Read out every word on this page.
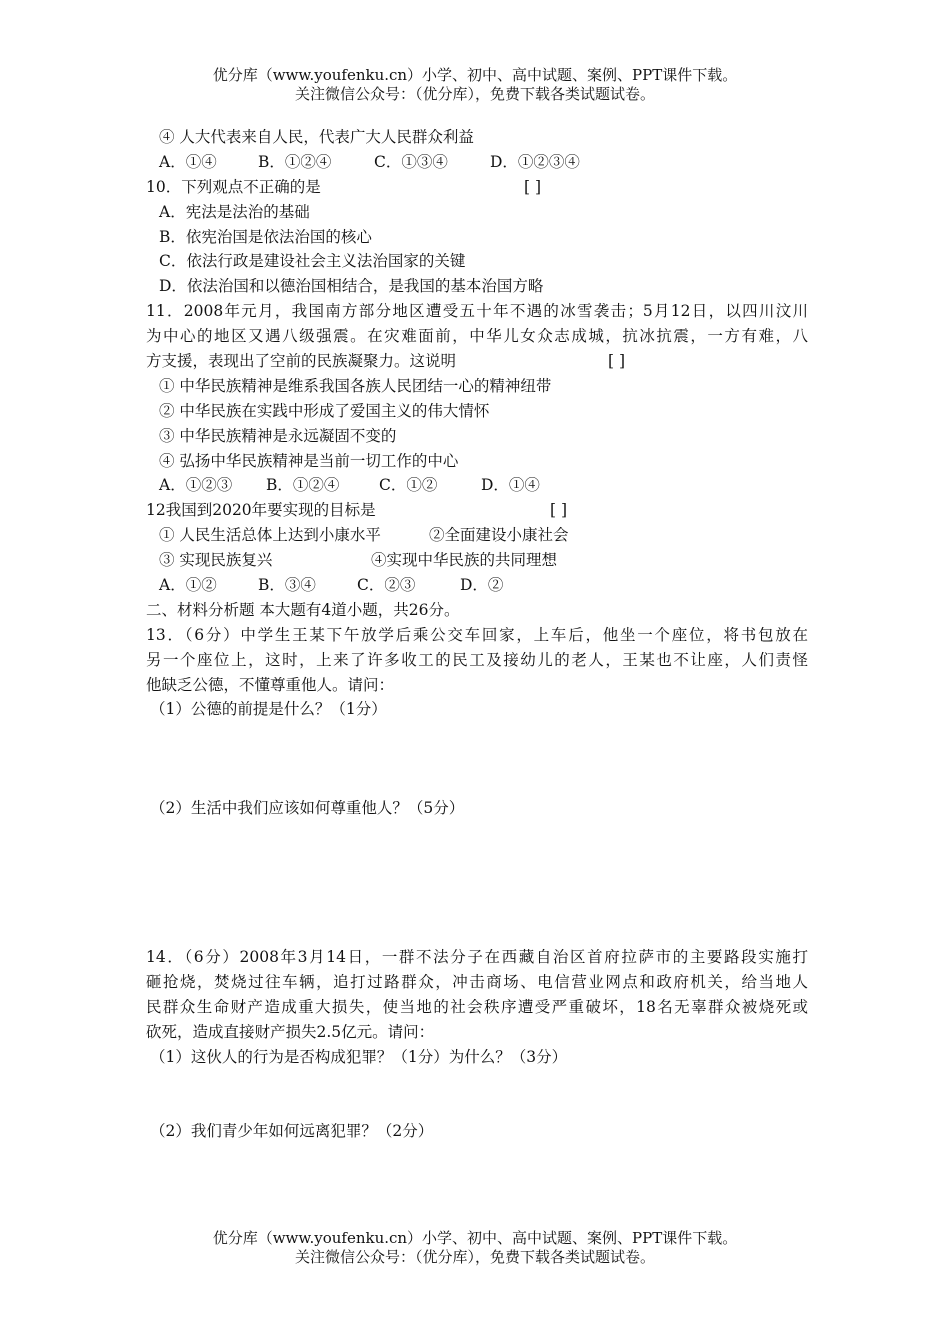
优分库（www.youfenku.cn）小学、初中、高中试题、案例、PPT课件下载。
关注微信公众号：（优分库），免费下载各类试题试卷。
④ 人大代表来自人民，代表广大人民群众利益
A．①④	B．①②④	C．①③④	D．①②③④
10．下列观点不正确的是	[ ]
A．宪法是法治的基础
B．依宪治国是依法治国的核心
C．依法行政是建设社会主义法治国家的关键
D．依法治国和以德治国相结合，是我国的基本治国方略
11．2008年元月，我国南方部分地区遭受五十年不遇的冰雪袭击；5月12日，以四川汶川
为中心的地区又遇八级强震。在灾难面前，中华儿女众志成城，抗冰抗震，一方有难，八
方支援，表现出了空前的民族凝聚力。这说明	[ ]
① 中华民族精神是维系我国各族人民团结一心的精神纽带
② 中华民族在实践中形成了爱国主义的伟大情怀
③ 中华民族精神是永远凝固不变的
④ 弘扬中华民族精神是当前一切工作的中心
A．①②③ B．①②④	C．①②	D．①④
12我国到2020年要实现的目标是	[ ]
① 人民生活总体上达到小康水平	②全面建设小康社会
③ 实现民族复兴	④实现中华民族的共同理想
A．①②	B．③④	C．②③	D．②
二、材料分析题 本大题有4道小题，共26分。
13．（6分）中学生王某下午放学后乘公交车回家，上车后，他坐一个座位，将书包放在
另一个座位上，这时，上来了许多收工的民工及接幼儿的老人，王某也不让座，人们责怪
他缺乏公德，不懂尊重他人。请问：
（1）公德的前提是什么？（1分）
（2）生活中我们应该如何尊重他人？（5分）
14．（6分）2008年3月14日，一群不法分子在西藏自治区首府拉萨市的主要路段实施打
砸抢烧，焚烧过往车辆，追打过路群众，冲击商场、电信营业网点和政府机关，给当地人
民群众生命财产造成重大损失，使当地的社会秩序遭受严重破坏，18名无辜群众被烧死或
砍死，造成直接财产损失2.5亿元。请问：
（1）这伙人的行为是否构成犯罪？（1分）为什么？（3分）
（2）我们青少年如何远离犯罪？（2分）
优分库（www.youfenku.cn）小学、初中、高中试题、案例、PPT课件下载。
关注微信公众号：（优分库），免费下载各类试题试卷。
